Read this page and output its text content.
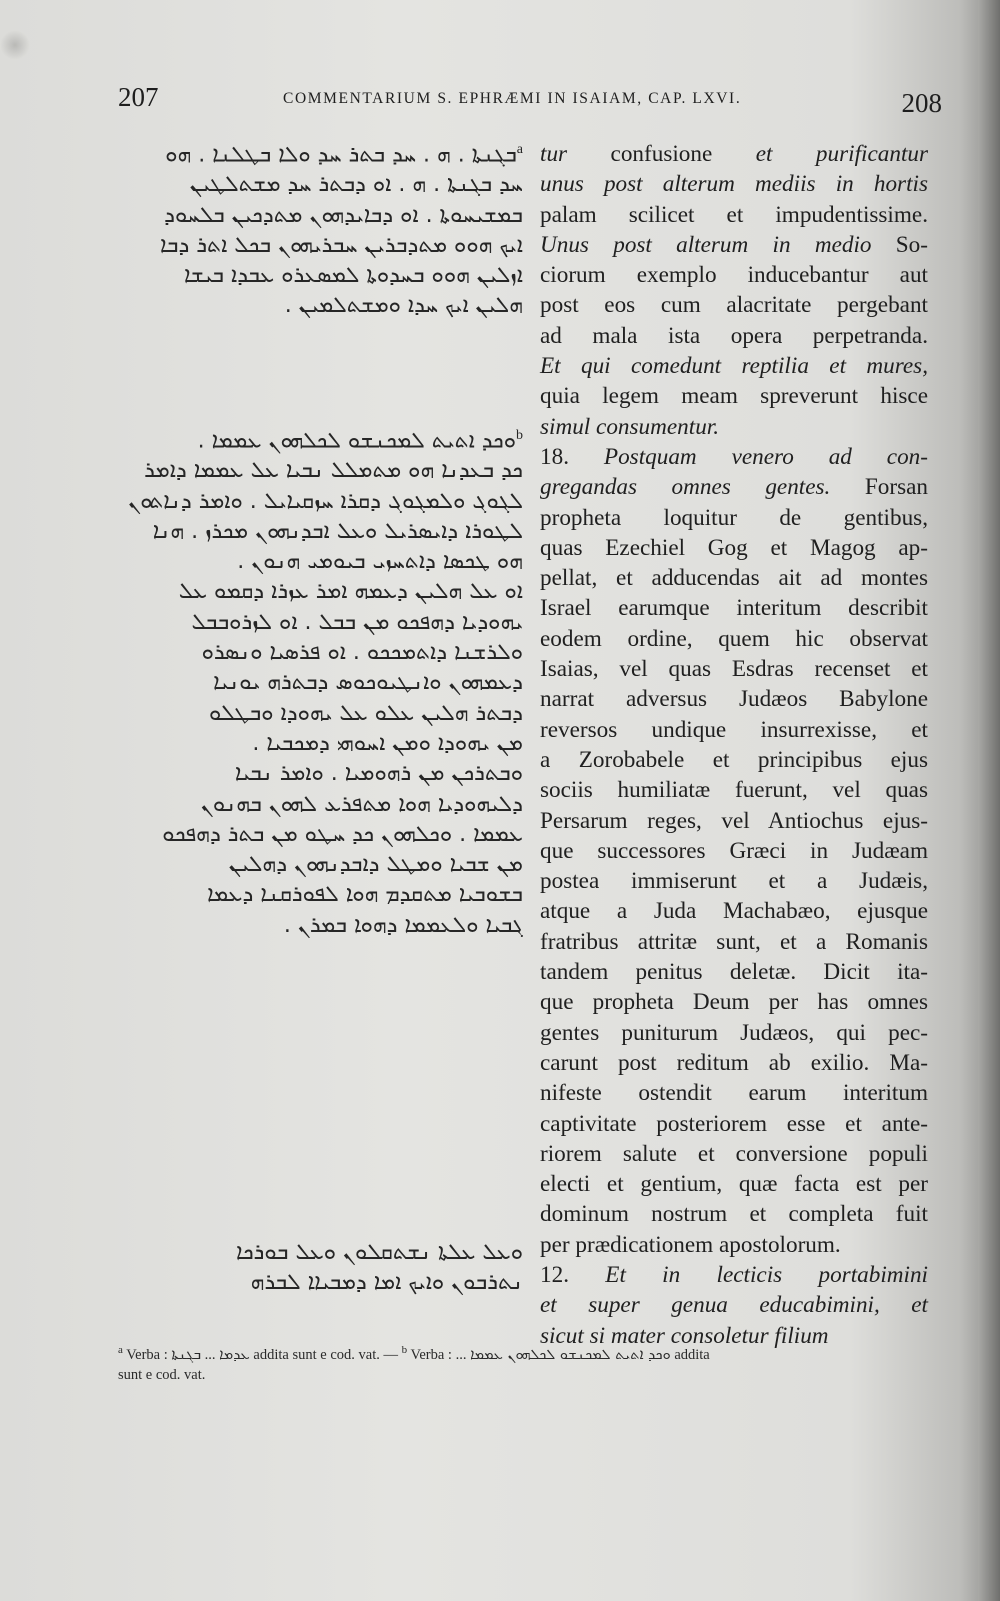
207	COMMENTARIUM S. EPHRÆMI IN ISAIAM, CAP. LXVI.	208
$^a$ܒܓܢܬܐ . ܗ . ܚܕ ܒܬܪ ܚܕ ܘܠܐ ܒܛܠܢܐ . ܗܘ
ܚܕ ܒܓܢܬܐ . ܗ . ܐܘ ܕܒܬܪ ܚܕ ܡܫܬܠܛܝܢ
ܒܡܫܝܚܘܬܐ . ܐܘ ܕܒܐܝܕܗܘܢ ܡܬܕܟܝܢ ܒܠܚܘܕ
ܐܝܟ ܗܘܘ ܡܬܕܒܪܝܢ ܚܒܪܝܗܘܢ ܒܟܠ ܐܬܪ ܕܒܐ
ܐܙܠܝܢ ܗܘܘ ܒܚܕܘܬܐ ܠܡܣܥܪܘ ܥܒܕܐ ܒܝܫܐ
ܗܠܝܢ ܐܝܟ ܚܕܐ ܘܡܫܬܠܡܝܢ .
$^b$ܘܟܕ ܐܬܝܬ ܠܡܟܢܫܘ ܠܟܠܗܘܢ ܥܡܡܐ .
ܟܕ ܒܥܕܢܐ ܗܘ ܡܬܡܠܠ ܢܒܝܐ ܥܠ ܥܡܡܐ ܕܐܡܪ
ܠܓܘܓ ܘܠܡܓܘܓ ܕܩܪܐ ܚܙܩܝܐܝܠ . ܘܐܡܪ ܕܢܐܬܘܢ
ܠܛܘܪܐ ܕܐܝܣܪܝܠ ܘܥܠ ܐܒܕܢܗܘܢ ܡܟܪܙ . ܗܢܐ
ܗܘ ܛܟܣܐ ܕܐܬܚܙܝ ܒܝܘܡܝ ܗܢܘܢ .
ܐܘ ܥܠ ܗܠܝܢ ܕܥܡܗ ܐܡܪ ܥܙܪܐ ܕܩܡܘ ܥܠ
ܝܗܘܕܝܐ ܕܗܦܟܘ ܡܢ ܒܒܠ . ܐܘ ܠܙܪܘܒܒܠ
ܘܠܪܫܢܐ ܕܐܬܡܟܟܘ . ܐܘ ܦܪܣܝܐ ܘܢܣܪܘ
ܕܥܡܗܘܢ ܘܐܢܛܝܘܟܘܣ ܕܒܬܪܗ ܝܘܢܝܐ
ܕܒܬܪ ܗܠܝܢ ܥܠܘ ܥܠ ܝܗܘܕܐ ܘܒܛܠܘ
ܡܢ ܝܗܘܕܐ ܘܡܢ ܐܚܘܗܝ ܕܡܟܒܝܐ .
ܘܒܬܪܟܢ ܡܢ ܪܗܘܡܝܐ . ܘܐܡܪ ܢܒܝܐ
ܕܠܝܗܘܕܝܐ ܗܘܐ ܡܬܦܪܥ ܠܗܘܢ ܒܗܢܘܢ
ܥܡܡܐ . ܘܟܠܗܘܢ ܟܕ ܚܛܘ ܡܢ ܒܬܪ ܕܗܦܟܘ
ܡܢ ܫܒܝܐ ܘܡܛܠ ܕܐܒܕܢܗܘܢ ܕܗܠܝܢ
ܒܫܘܒܝܐ ܡܬܩܕܡ ܗܘܐ ܠܦܘܪܩܢܐ ܕܥܡܐ
ܓܒܝܐ ܘܠܥܡܡܐ ܕܗܘܐ ܒܡܪܢ .
ܘܥܠ ܥܠܬܐ ܢܫܬܩܠܘܢ ܘܥܠ ܒܘܪܟܐ
ܢܬܪܒܘܢ ܘܐܝܟ ܐܡܐ ܕܡܒܝܐܐ ܠܒܪܗ
tur confusione et purificantur
unus post alterum mediis in hortis
palam scilicet et impudentissime.
Unus post alterum in medio So-
ciorum exemplo inducebantur aut
post eos cum alacritate pergebant
ad mala ista opera perpetranda.
Et qui comedunt reptilia et mures,
quia legem meam spreverunt hisce
simul consumentur.
18. Postquam venero ad con-
gregandas omnes gentes. Forsan
propheta loquitur de gentibus,
quas Ezechiel Gog et Magog ap-
pellat, et adducendas ait ad montes
Israel earumque interitum describit
eodem ordine, quem hic observat
Isaias, vel quas Esdras recenset et
narrat adversus Judæos Babylone
reversos undique insurrexisse, et
a Zorobabele et principibus ejus
sociis humiliatæ fuerunt, vel quas
Persarum reges, vel Antiochus ejus-
que successores Græci in Judæam
postea immiserunt et a Judæis,
atque a Juda Machabæo, ejusque
fratribus attritæ sunt, et a Romanis
tandem penitus deletæ. Dicit ita-
que propheta Deum per has omnes
gentes puniturum Judæos, qui pec-
carunt post reditum ab exilio. Ma-
nifeste ostendit earum interitum
captivitate posteriorem esse et ante-
riorem salute et conversione populi
electi et gentium, quæ facta est per
dominum nostrum et completa fuit
per prædicationem apostolorum.
12. Et in lecticis portabimini
et super genua educabimini, et
sicut si mater consoletur filium
$^a$ Verba : ܒܓܢܬܐ ... ܥܕܡܐ addita sunt e cod. vat. — $^b$ Verba : ... ܘܟܕ ܐܬܝܬ ܠܡܟܢܫܘ ܠܟܠܗܘܢ ܥܡܡܐ addita
sunt e cod. vat.
